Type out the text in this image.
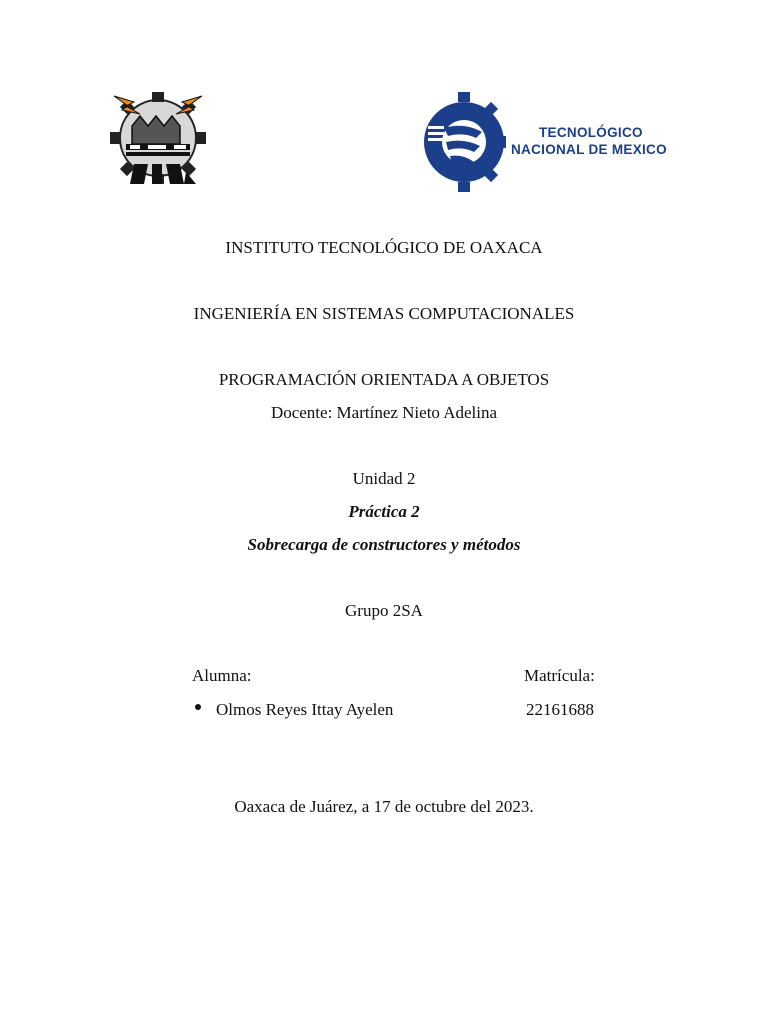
TECNOLÓGICO
NACIONAL DE MEXICO
INSTITUTO TECNOLÓGICO DE OAXACA
INGENIERÍA EN SISTEMAS COMPUTACIONALES
PROGRAMACIÓN ORIENTADA A OBJETOS
Docente: Martínez Nieto Adelina
Unidad 2
Práctica 2
Sobrecarga de constructores y métodos
Grupo 2SA
Alumna:	Matrícula:
Olmos Reyes Ittay Ayelen	22161688
Oaxaca de Juárez, a 17 de octubre del 2023.
